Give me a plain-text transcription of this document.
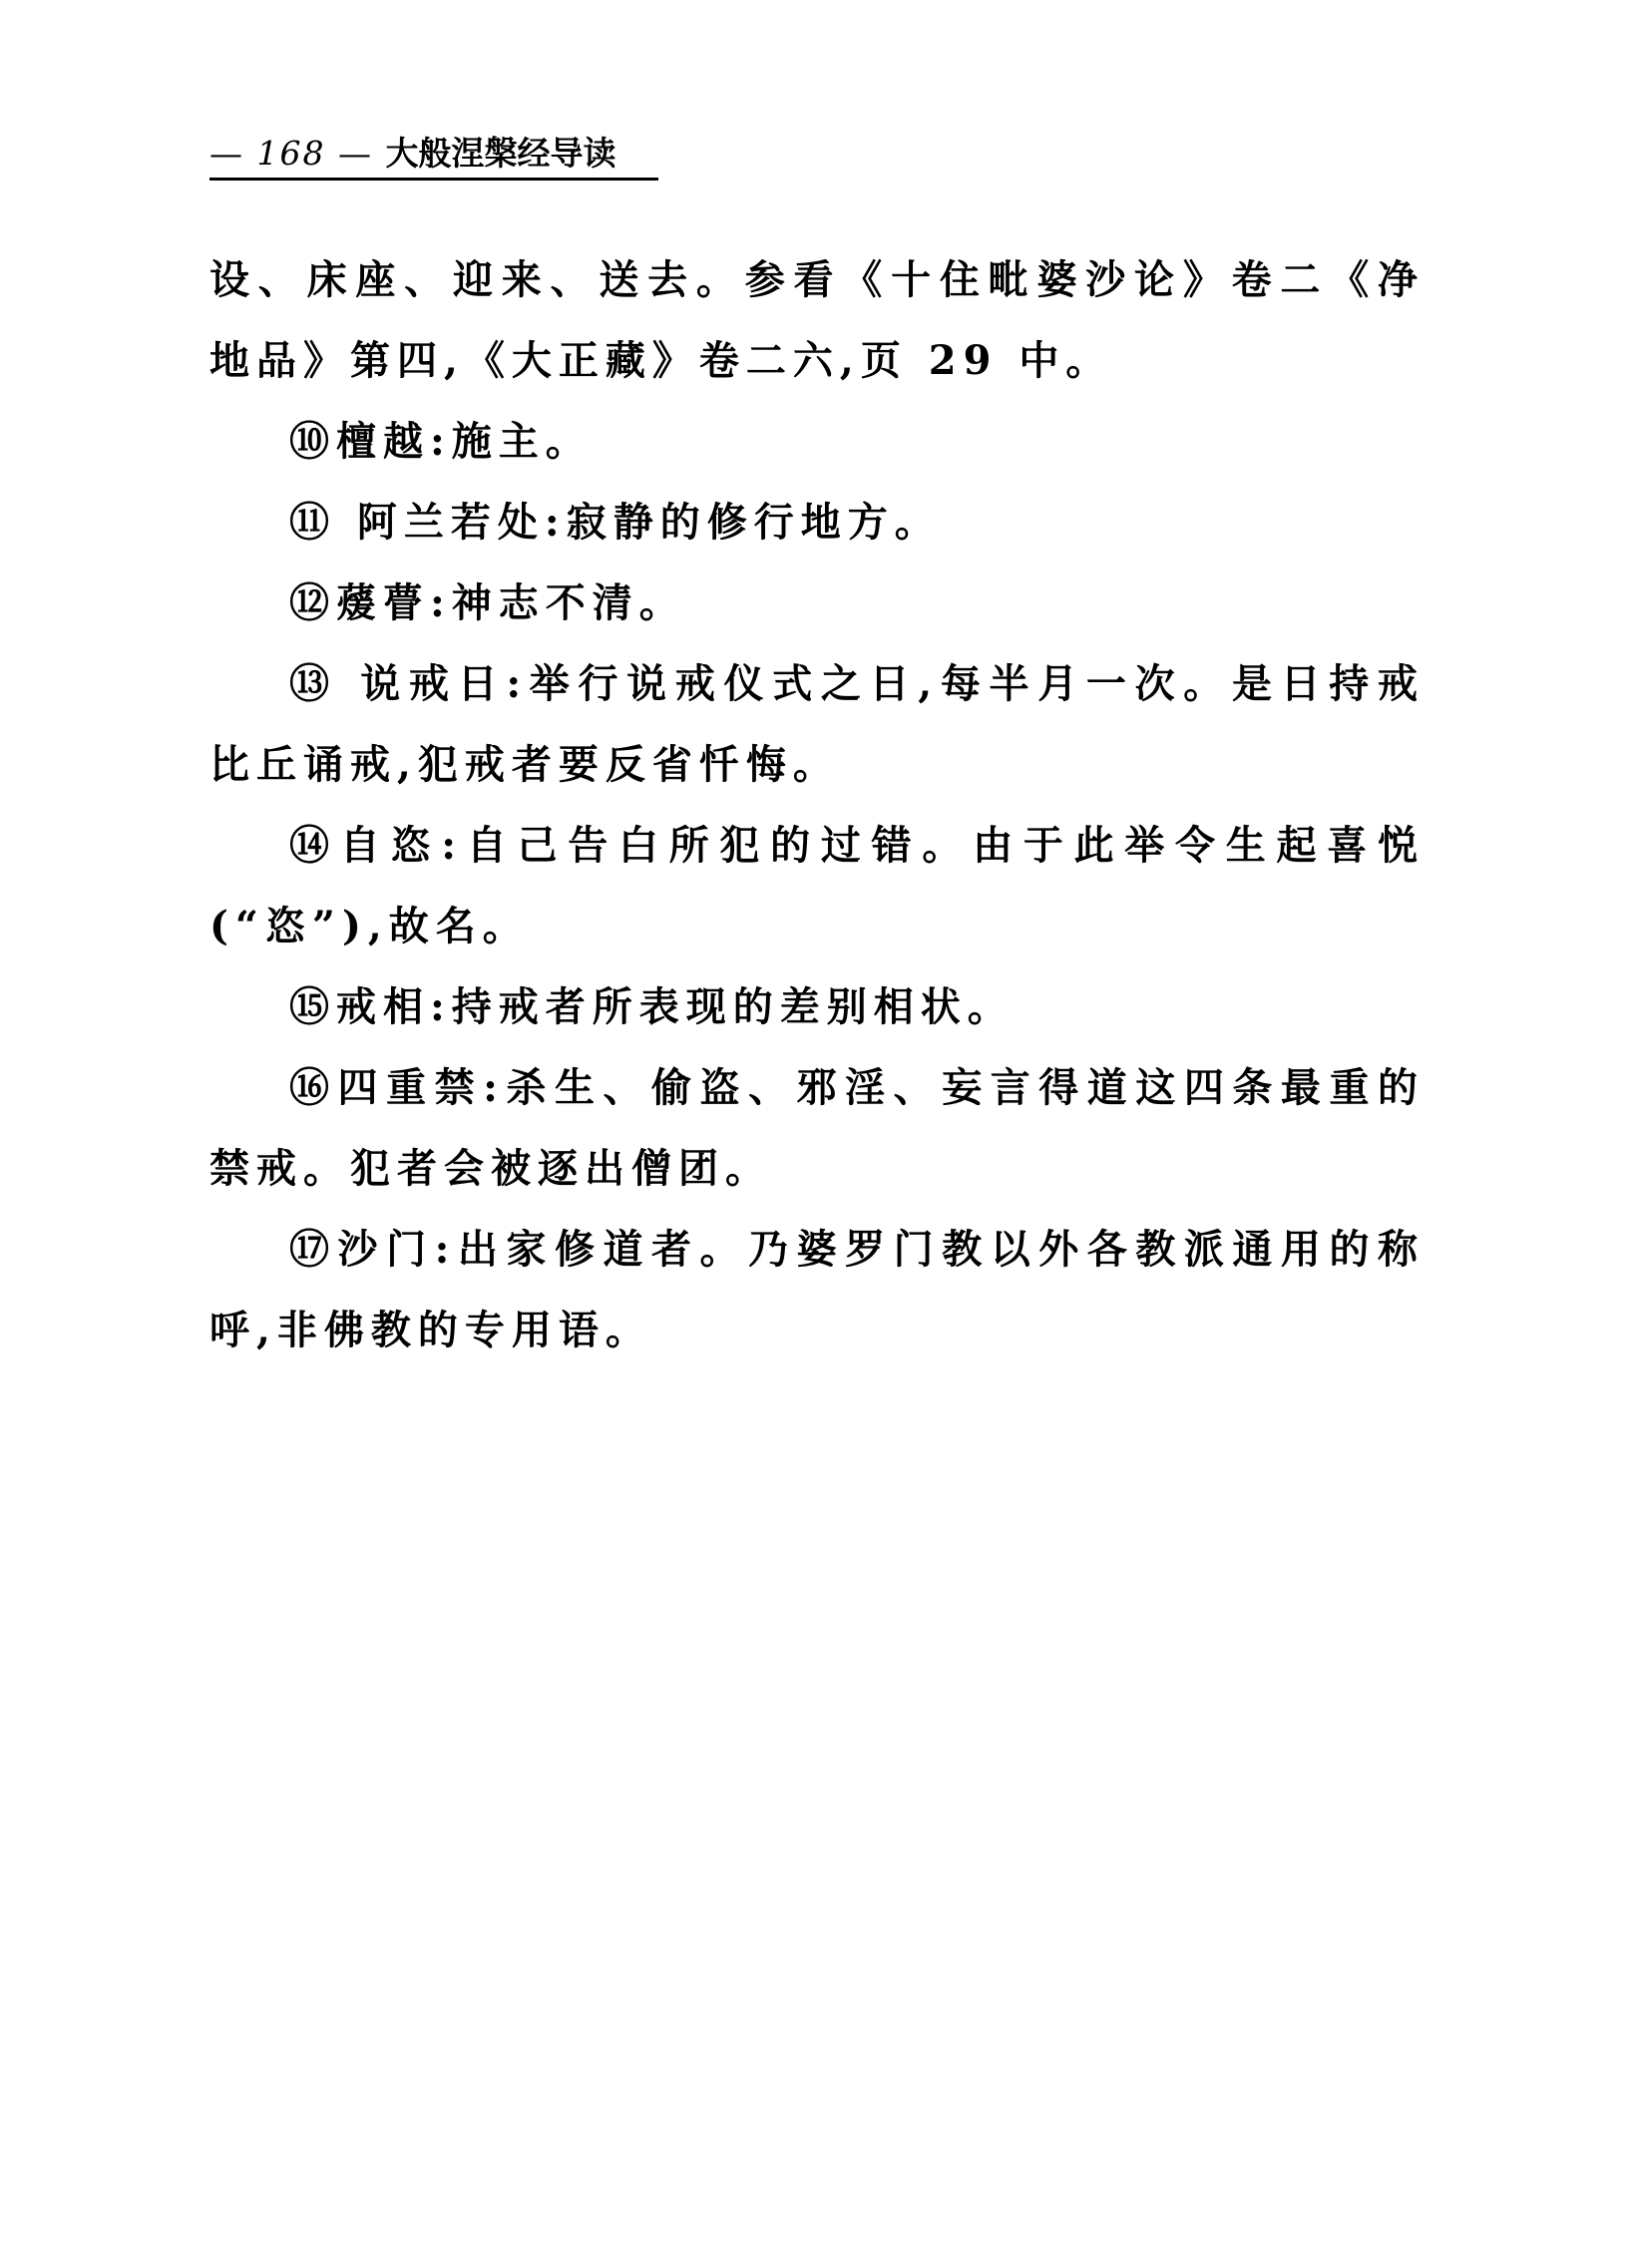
— 168 — 大般涅槃经导读

设、床座、迎来、送去。参看《十住毗婆沙论》卷二《净地品》第四,《大正藏》卷二六,页 29 中。

⑩檀越:施主。

⑪ 阿兰若处:寂静的修行地方。

⑫蕿瞢:神志不清。

⑬ 说戒日:举行说戒仪式之日,每半月一次。是日持戒比丘诵戒,犯戒者要反省忏悔。

⑭自恣:自己告白所犯的过错。由于此举令生起喜悦(“恣”),故名。

⑮戒相:持戒者所表现的差别相状。

⑯四重禁:杀生、偷盗、邪淫、妄言得道这四条最重的禁戒。犯者会被逐出僧团。

⑰沙门:出家修道者。乃婆罗门教以外各教派通用的称呼,非佛教的专用语。
